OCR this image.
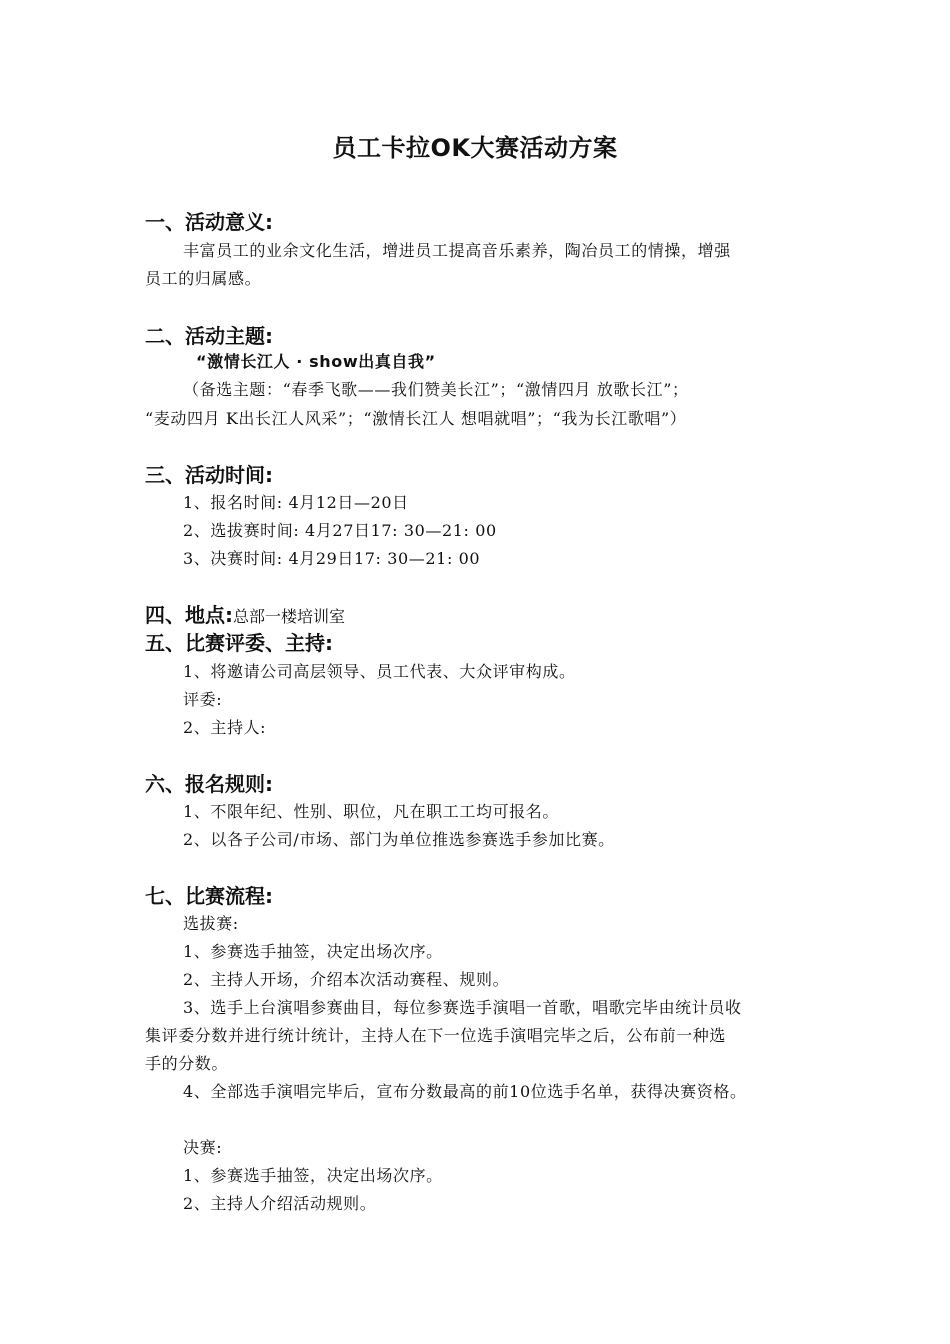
员工卡拉OK大赛活动方案
一、活动意义:
丰富员工的业余文化生活，增进员工提高音乐素养，陶冶员工的情操，增强
员工的归属感。
二、活动主题:
“激情长江人 · show出真自我”
（备选主题：“春季飞歌——我们赞美长江”；“激情四月 放歌长江”；
“麦动四月 K出长江人风采”；“激情长江人 想唱就唱”；“我为长江歌唱”）
三、活动时间:
1、报名时间: 4月12日—20日
2、选拔赛时间: 4月27日17: 30—21: 00
3、决赛时间: 4月29日17: 30—21: 00
四、地点:总部一楼培训室
五、比赛评委、主持:
1、将邀请公司高层领导、员工代表、大众评审构成。
评委:
2、主持人:
六、报名规则:
1、不限年纪、性别、职位，凡在职工工均可报名。
2、以各子公司/市场、部门为单位推选参赛选手参加比赛。
七、比赛流程:
选拔赛:
1、参赛选手抽签，决定出场次序。
2、主持人开场，介绍本次活动赛程、规则。
3、选手上台演唱参赛曲目，每位参赛选手演唱一首歌，唱歌完毕由统计员收
集评委分数并进行统计统计，主持人在下一位选手演唱完毕之后，公布前一种选
手的分数。
4、全部选手演唱完毕后，宣布分数最高的前10位选手名单，获得决赛资格。
决赛:
1、参赛选手抽签，决定出场次序。
2、主持人介绍活动规则。
